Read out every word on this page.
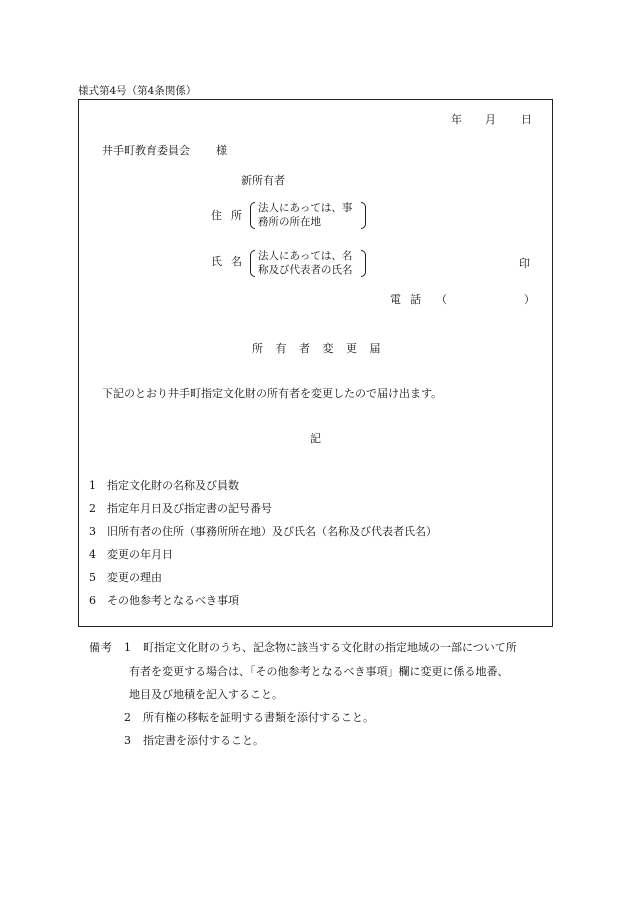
様式第4号（第4条関係）
年 月 日
井手町教育委員会 様
新所有者
住所
法人にあっては、事
務所の所在地
氏名 法人にあっては、名
称及び代表者の氏名	印
電話 （	）
所有者変更届
下記のとおり井手町指定文化財の所有者を変更したので届け出ます。
記
1 指定文化財の名称及び員数
2 指定年月日及び指定書の記号番号
3 旧所有者の住所（事務所所在地）及び氏名（名称及び代表者氏名）
4 変更の年月日
5 変更の理由
6 その他参考となるべき事項
備考 1 町指定文化財のうち、記念物に該当する文化財の指定地域の一部について所
有者を変更する場合は、「その他参考となるべき事項」欄に変更に係る地番、
地目及び地積を記入すること。
2 所有権の移転を証明する書類を添付すること。
3 指定書を添付すること。
